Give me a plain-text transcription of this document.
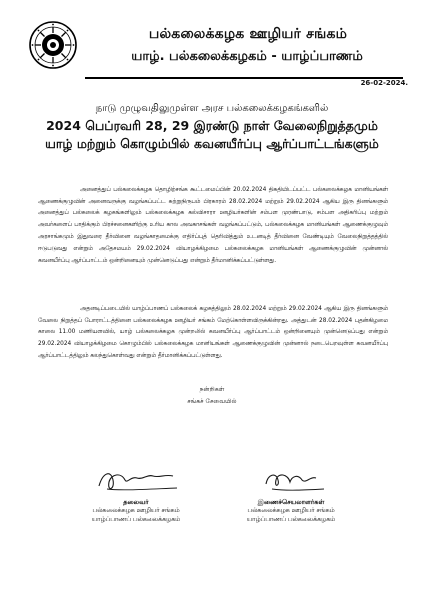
பல்கலைக்கழக ஊழியர் சங்கம்
யாழ். பல்கலைக்கழகம் - யாழ்ப்பாணம்
26-02-2024.
நாடு முழுவதிலுமுள்ள அரச பல்கலைக்கழகங்களில்
2024 பெப்ரவரி 28, 29 இரண்டு நாள் வேலைநிறுத்தமும்
யாழ் மற்றும் கொழும்பில் கவனயீர்ப்பு ஆர்ப்பாட்டங்களும்

அனைத்துப் பல்கலைக்கழக தொழிற்சங்க கூட்டமைப்பின் 20.02.2024 திகதியிடப்பட்ட பல்கலைக்கழக மானியங்கள் ஆணைக்குழுவின் அனைவருக்கு வழங்கப்பட்ட சுற்றுநிருபம் பிரகாரம் 28.02.2024 மற்றும் 29.02.2024 ஆகிய இரு தினங்களும் அனைத்துப் பல்கலைக் கழகங்களிலும் பல்கலைக்கழக கல்விசாரா ஊழியர்களின் சம்பள முரண்பாடு, சம்பள அதிகரிப்பு மற்றும் அவர்களைப் பாதிக்கும் பிரச்சனைகளிற்கு உரிய கால அவகாசங்கள் வழங்கப்பட்டும், பல்கலைக்கழக மானியங்கள் ஆணைக்குழுவும் அரசாங்கமும் இதுவரை தீர்வினை வழங்காதமைக்கு எதிர்ப்புத் தெரிவித்தும் உடனடித் தீர்வினை வேண்டியும் வேலைநிறுத்தத்தில் ஈடுபடுவது என்றும் அதேசமயம் 29.02.2024 வியாழக்கிழமை பல்கலைக்கழக மானியங்கள் ஆணைக்குழுவின் முன்னால் கவனயீர்ப்பு ஆர்ப்பாட்டம் ஒன்றினையும் முன்னெடுப்பது என்றும் தீர்மானிக்கப்பட்டுள்ளது.

அதனடிப்படையில் யாழ்ப்பாணப் பல்கலைக் கழகத்திலும் 28.02.2024 மற்றும் 29.02.2024 ஆகிய இரு தினங்களும் வேலை நிறுத்தப் போராட்டத்தினை பல்கலைக்கழக ஊழியர் சங்கம் மேற்கொள்ளவிருக்கின்றது. அத்துடன் 28.02.2024 புதன்கிழமை காலை 11.00 மணியளவில், யாழ் பல்கலைக்கழக முன்றலில் கவனயீர்ப்பு ஆர்ப்பாட்டம் ஒன்றினையும் முன்னெடுப்பது என்றும் 29.02.2024 வியாழக்கிழமை கொழும்பில் பல்கலைக்கழக மானியங்கள் ஆணைக்குழுவின் முன்னால் நடைபெறவுள்ள கவனயீர்ப்பு ஆர்ப்பாட்டத்திலும் கலந்துகொள்வது என்றும் தீர்மானிக்கப்பட்டுள்ளது.

நன்றிகள்
சங்கச் சேவையில்
தலைவர்
பல்கலைக்கழக ஊழியர் சங்கம்
யாழ்ப்பாணப் பல்கலைக்கழகம்
இணைச்செயலாளர்கள்
பல்கலைக்கழக ஊழியர் சங்கம்
யாழ்ப்பாணப் பல்கலைக்கழகம்
